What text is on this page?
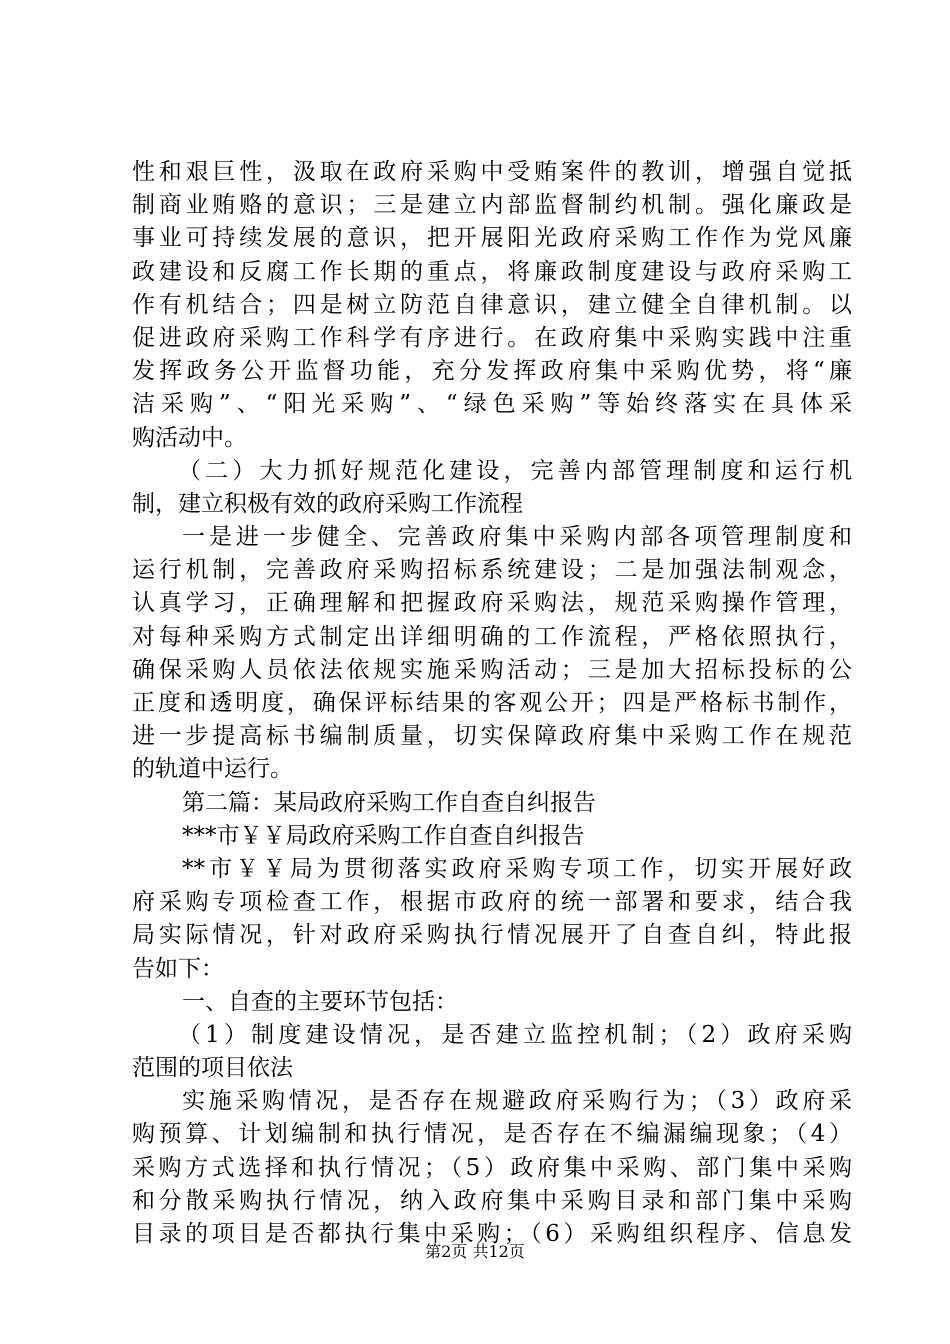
性和艰巨性，汲取在政府采购中受贿案件的教训，增强自觉抵
制商业贿赂的意识；三是建立内部监督制约机制。强化廉政是
事业可持续发展的意识，把开展阳光政府采购工作作为党风廉
政建设和反腐工作长期的重点，将廉政制度建设与政府采购工
作有机结合；四是树立防范自律意识，建立健全自律机制。以
促进政府采购工作科学有序进行。在政府集中采购实践中注重
发挥政务公开监督功能，充分发挥政府集中采购优势，将“廉
洁采购”、“阳光采购”、“绿色采购”等始终落实在具体采
购活动中。
（二）大力抓好规范化建设，完善内部管理制度和运行机
制，建立积极有效的政府采购工作流程
一是进一步健全、完善政府集中采购内部各项管理制度和
运行机制，完善政府采购招标系统建设；二是加强法制观念，
认真学习，正确理解和把握政府采购法，规范采购操作管理，
对每种采购方式制定出详细明确的工作流程，严格依照执行，
确保采购人员依法依规实施采购活动；三是加大招标投标的公
正度和透明度，确保评标结果的客观公开；四是严格标书制作，
进一步提高标书编制质量，切实保障政府集中采购工作在规范
的轨道中运行。
第二篇：某局政府采购工作自查自纠报告
***市￥￥局政府采购工作自查自纠报告
**市￥￥局为贯彻落实政府采购专项工作，切实开展好政
府采购专项检查工作，根据市政府的统一部署和要求，结合我
局实际情况，针对政府采购执行情况展开了自查自纠，特此报
告如下：
一、自查的主要环节包括：
（1）制度建设情况，是否建立监控机制；（2）政府采购
范围的项目依法
实施采购情况，是否存在规避政府采购行为；（3）政府采
购预算、计划编制和执行情况，是否存在不编漏编现象；（4）
采购方式选择和执行情况；（5）政府集中采购、部门集中采购
和分散采购执行情况，纳入政府集中采购目录和部门集中采购
目录的项目是否都执行集中采购；（6）采购组织程序、信息发
第2页 共12页
